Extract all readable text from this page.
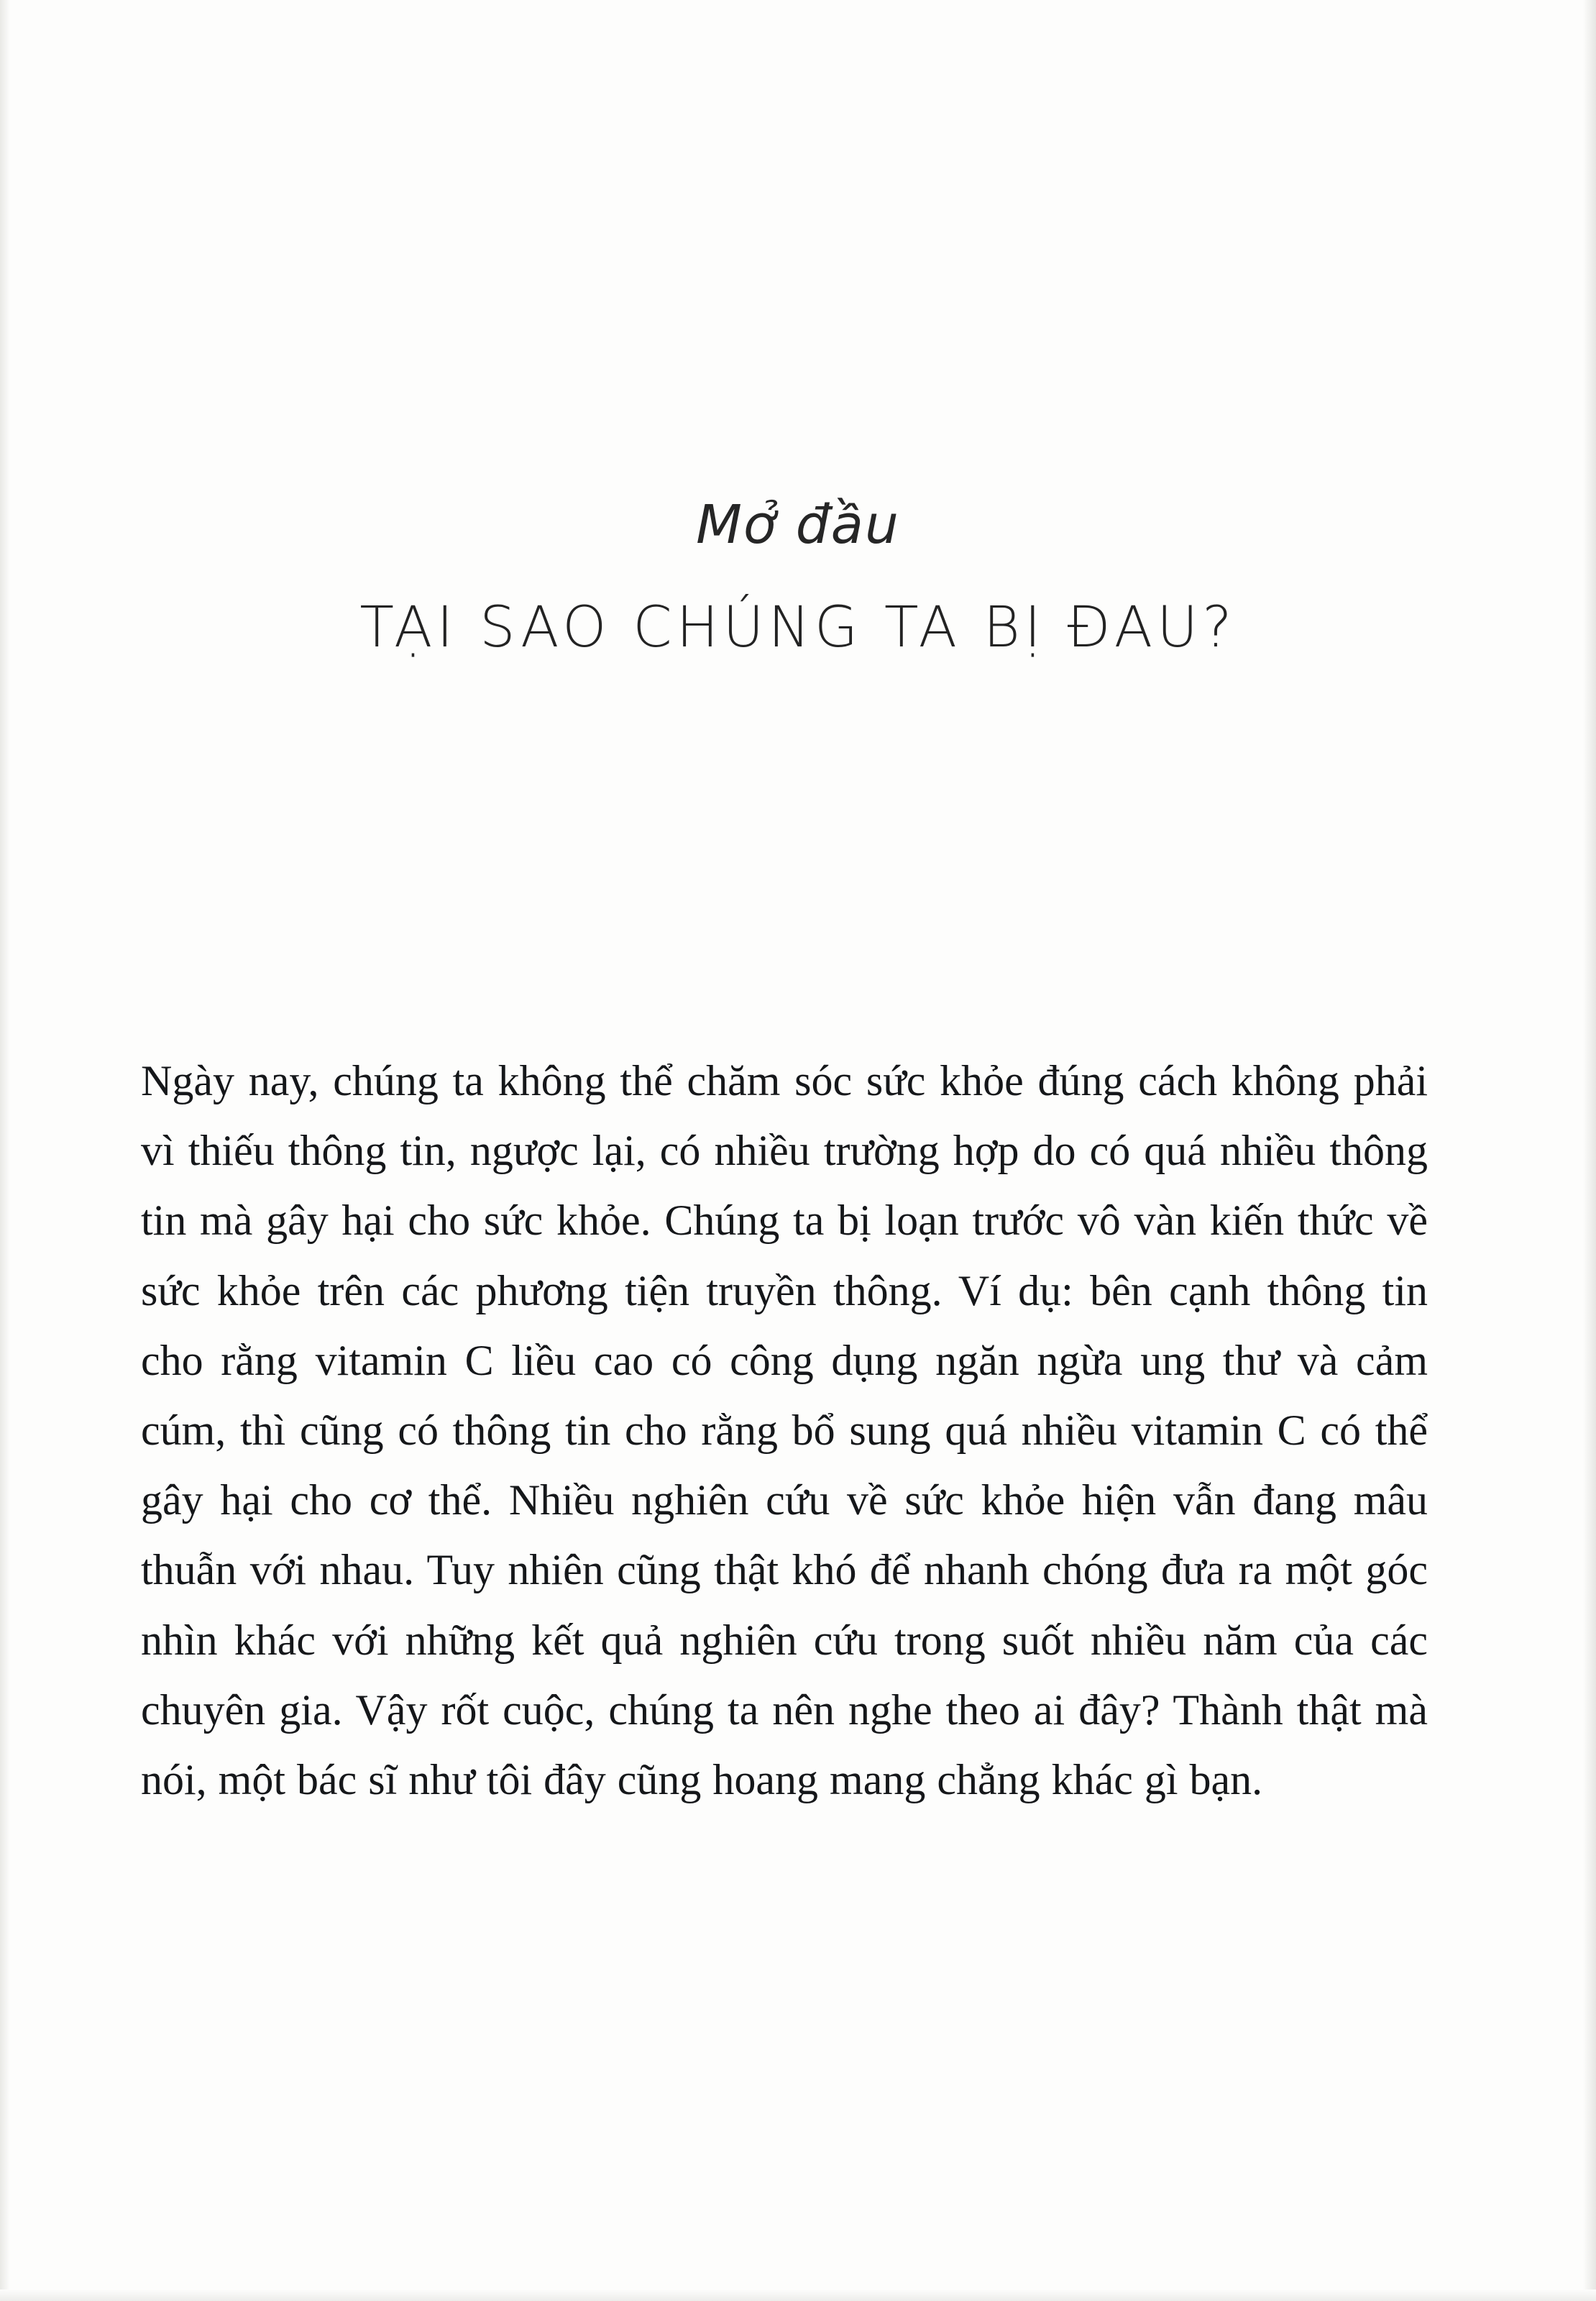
Mở đầu
TẠI SAO CHÚNG TA BỊ ĐAU?

Ngày nay, chúng ta không thể chăm sóc sức khỏe đúng cách không phải vì thiếu thông tin, ngược lại, có nhiều trường hợp do có quá nhiều thông tin mà gây hại cho sức khỏe. Chúng ta bị loạn trước vô vàn kiến thức về sức khỏe trên các phương tiện truyền thông. Ví dụ: bên cạnh thông tin cho rằng vitamin C liều cao có công dụng ngăn ngừa ung thư và cảm cúm, thì cũng có thông tin cho rằng bổ sung quá nhiều vitamin C có thể gây hại cho cơ thể. Nhiều nghiên cứu về sức khỏe hiện vẫn đang mâu thuẫn với nhau. Tuy nhiên cũng thật khó để nhanh chóng đưa ra một góc nhìn khác với những kết quả nghiên cứu trong suốt nhiều năm của các chuyên gia. Vậy rốt cuộc, chúng ta nên nghe theo ai đây? Thành thật mà nói, một bác sĩ như tôi đây cũng hoang mang chẳng khác gì bạn.
